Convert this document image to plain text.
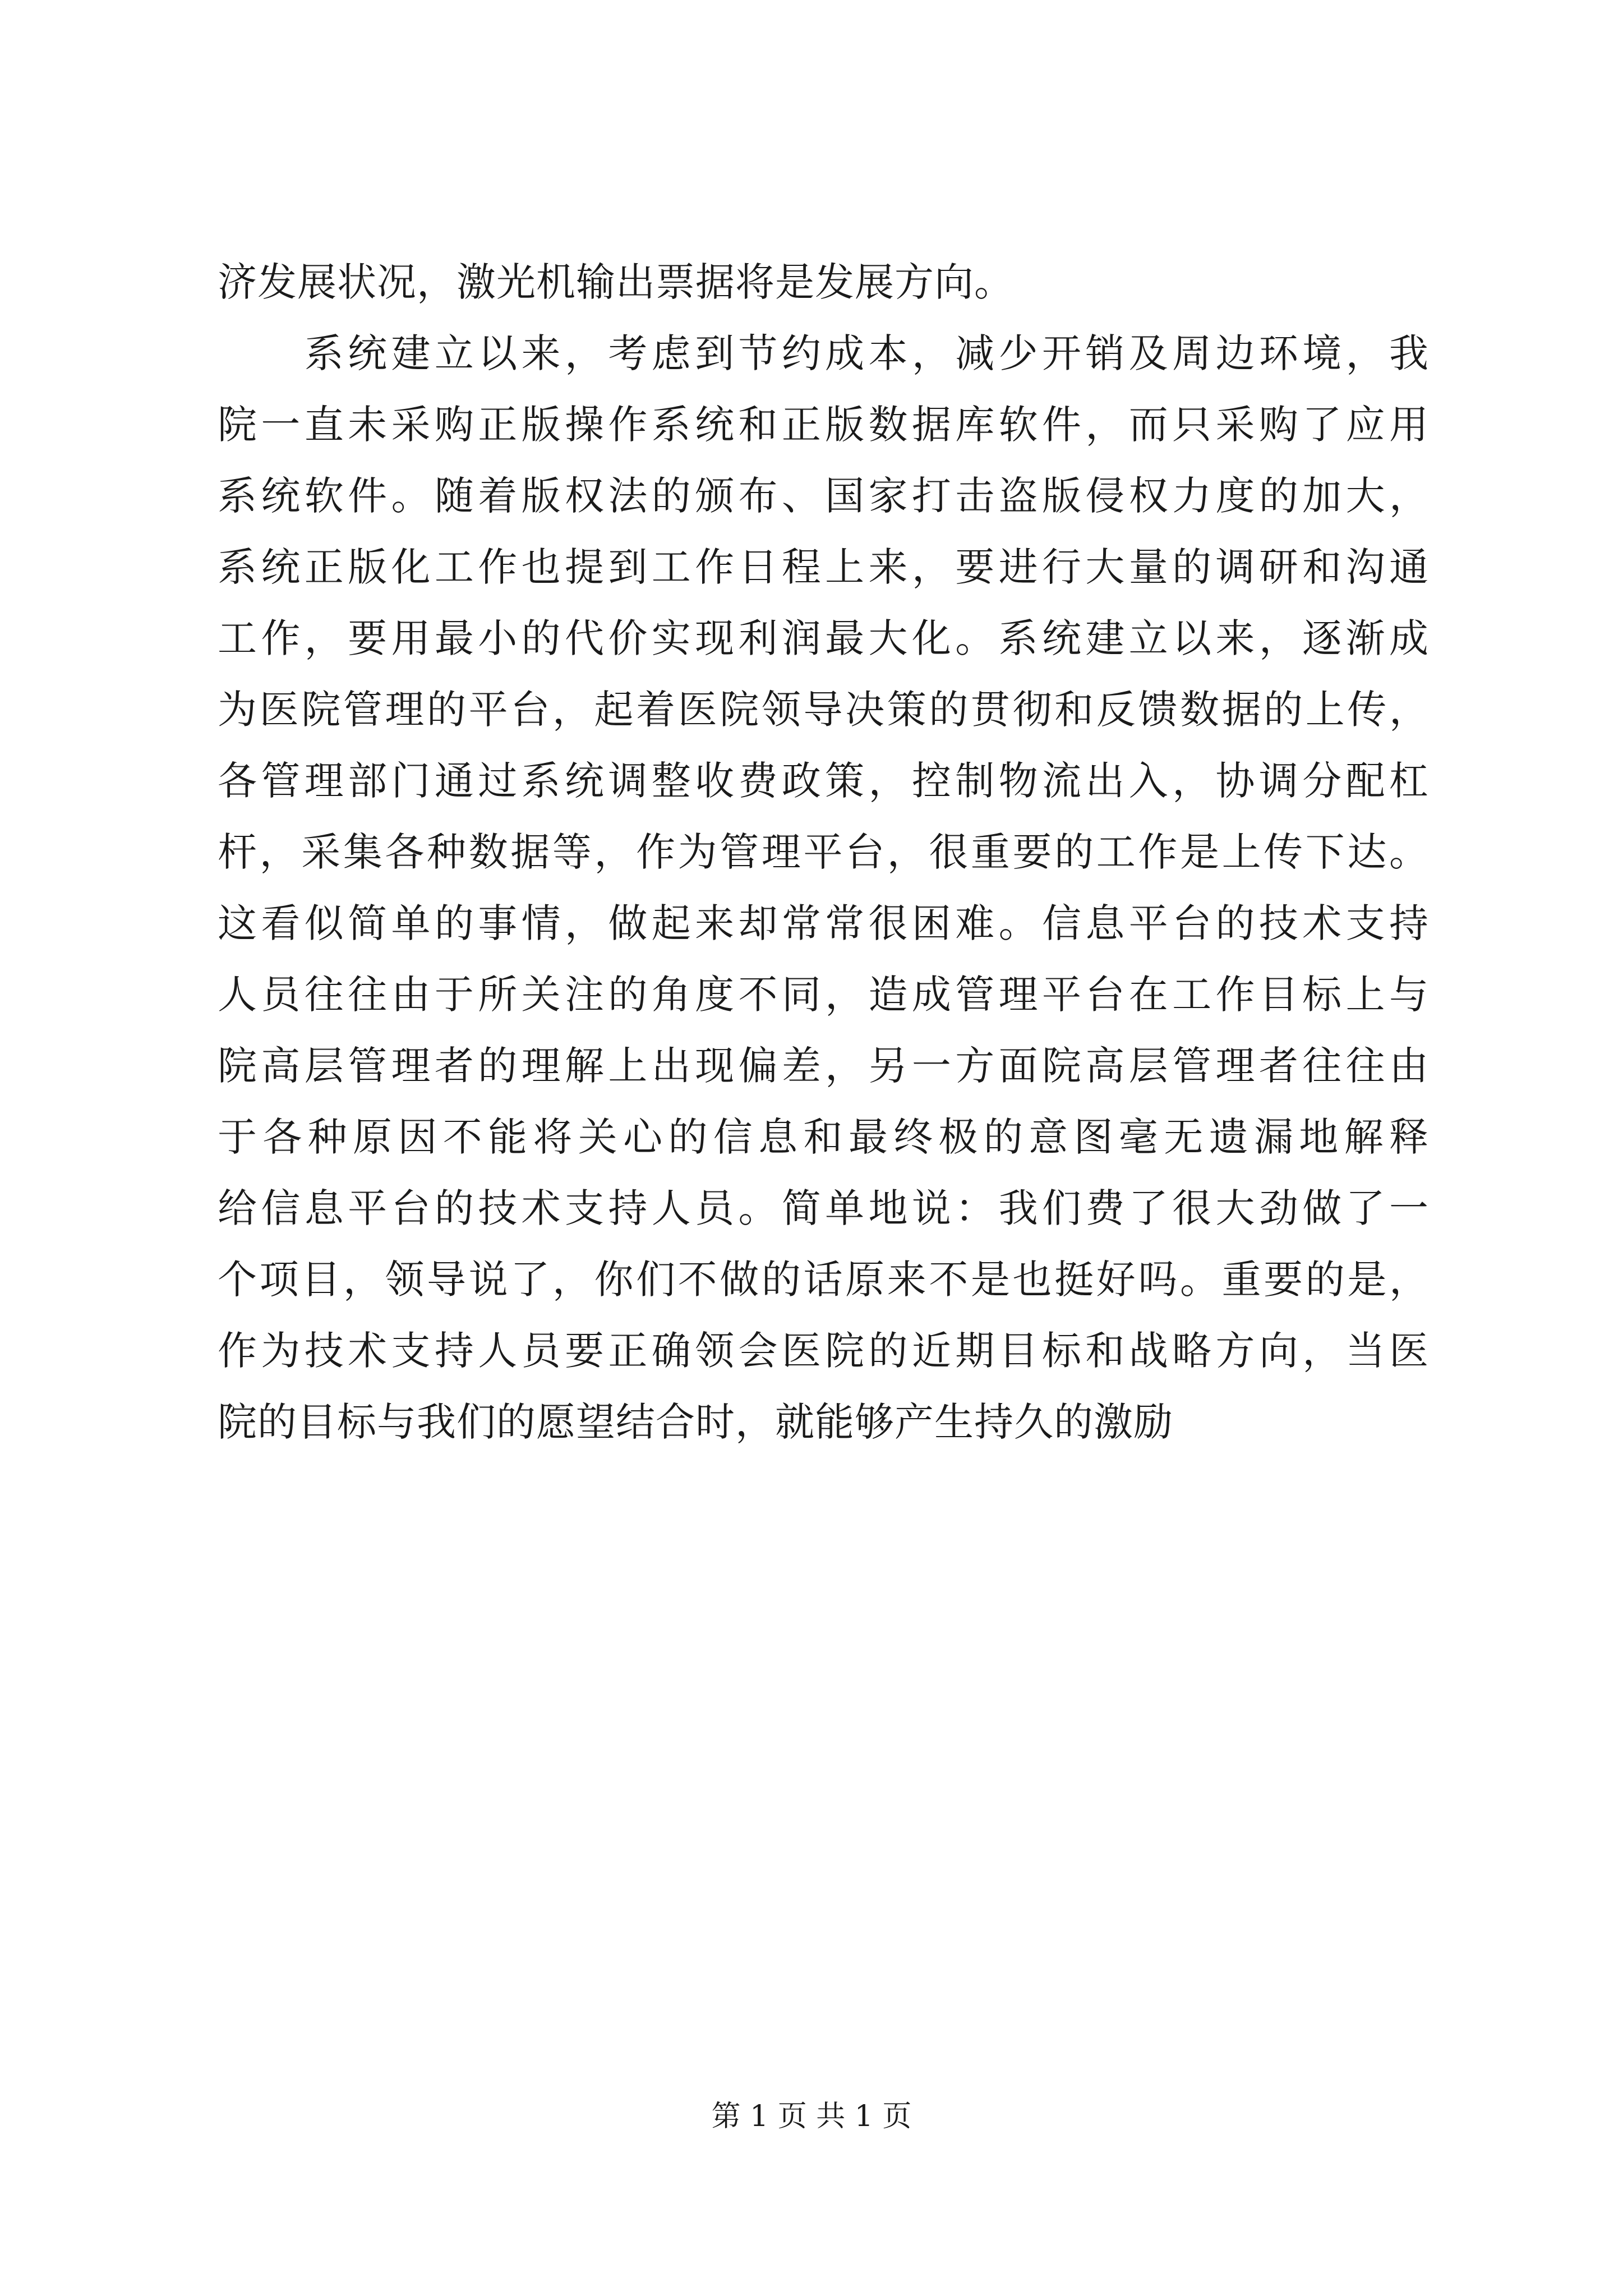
济发展状况，激光机输出票据将是发展方向。
　　系统建立以来，考虑到节约成本，减少开销及周边环境，我
院一直未采购正版操作系统和正版数据库软件，而只采购了应用
系统软件。随着版权法的颁布、国家打击盗版侵权力度的加大，
系统正版化工作也提到工作日程上来，要进行大量的调研和沟通
工作，要用最小的代价实现利润最大化。系统建立以来，逐渐成
为医院管理的平台，起着医院领导决策的贯彻和反馈数据的上传，
各管理部门通过系统调整收费政策，控制物流出入，协调分配杠
杆，采集各种数据等，作为管理平台，很重要的工作是上传下达。
这看似简单的事情，做起来却常常很困难。信息平台的技术支持
人员往往由于所关注的角度不同，造成管理平台在工作目标上与
院高层管理者的理解上出现偏差，另一方面院高层管理者往往由
于各种原因不能将关心的信息和最终极的意图毫无遗漏地解释
给信息平台的技术支持人员。简单地说：我们费了很大劲做了一
个项目，领导说了，你们不做的话原来不是也挺好吗。重要的是，
作为技术支持人员要正确领会医院的近期目标和战略方向，当医
院的目标与我们的愿望结合时，就能够产生持久的激励
第 1 页 共 1 页
